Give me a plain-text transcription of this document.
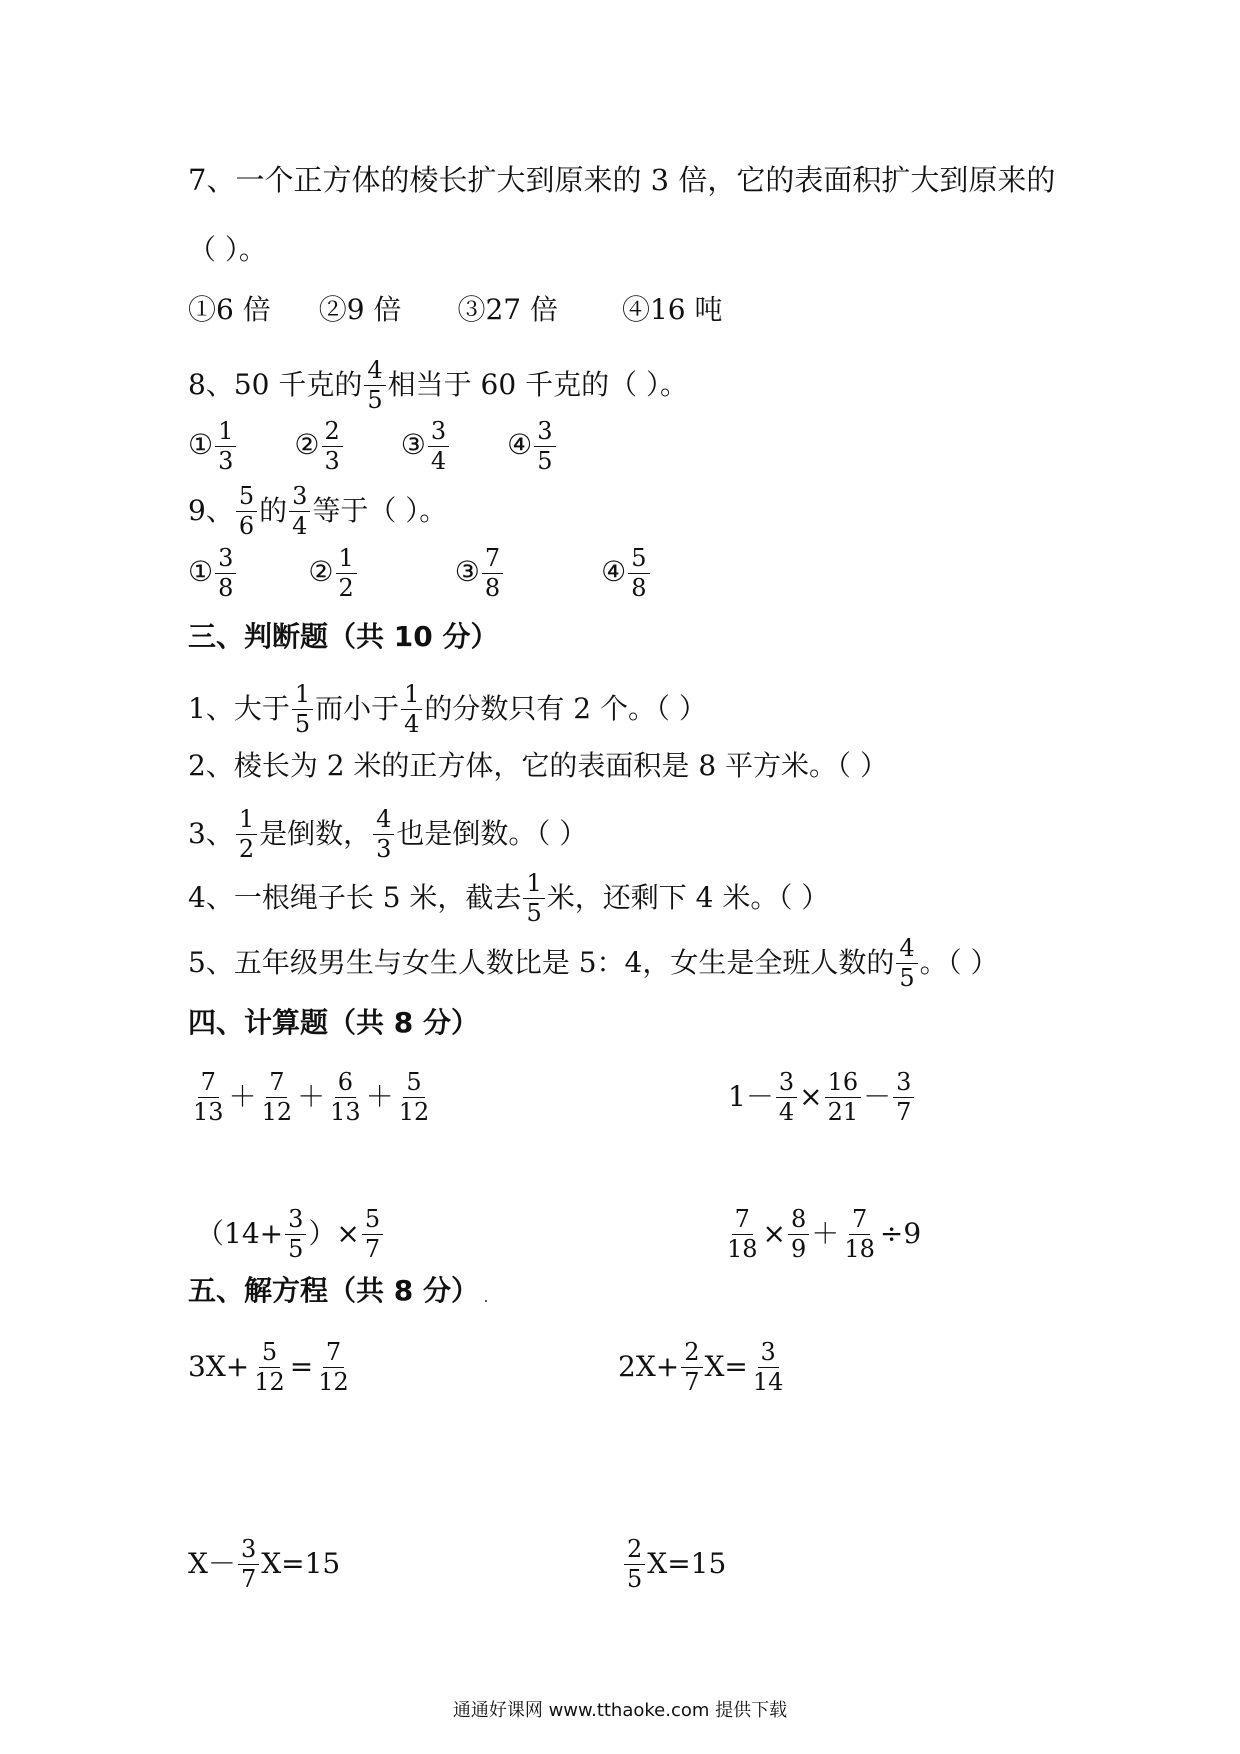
7、一个正方体的棱长扩大到原来的 3 倍，它的表面积扩大到原来的
（ ）。
①6 倍 ②9 倍 ③27 倍 ④16 吨
8、50 千克的 $\frac{4}{5}$ 相当于 60 千克的（ ）。
① $\frac{1}{3}$ ② $\frac{2}{3}$ ③ $\frac{3}{4}$ ④ $\frac{3}{5}$
9、 $\frac{5}{6}$ 的 $\frac{3}{4}$ 等于（ ）。
① $\frac{3}{8}$	② $\frac{1}{2}$	③ $\frac{7}{8}$	④ $\frac{5}{8}$
三、判断题（共 10 分）
1、大于 $\frac{1}{5}$ 而小于 $\frac{1}{4}$ 的分数只有 2 个。（ ）
2、棱长为 2 米的正方体，它的表面积是 8 平方米。（ ）
3、 $\frac{1}{2}$ 是倒数， $\frac{4}{3}$ 也是倒数。（ ）
4、一根绳子长 5 米，截去 $\frac{1}{5}$ 米，还剩下 4 米。（ ）
5、五年级男生与女生人数比是 5：4，女生是全班人数的 $\frac{4}{5}$ 。（ ）
四、计算题（共 8 分）
$\frac{7}{13} + \frac{7}{12} + \frac{6}{13} + \frac{5}{12}$	$1- \frac{3}{4} \times \frac{16}{21} - \frac{3}{7}$
（$14+ \frac{3}{5}$ ）× $\frac{5}{7}$	$\frac{7}{18} \times \frac{8}{9} + \frac{7}{18} \div 9$
五、解方程（共 8 分）
$3X+ \frac{5}{12} = \frac{7}{12}$	$2X+ \frac{2}{7} X= \frac{3}{14}$
$X- \frac{3}{7} X=15$	$\frac{2}{5} X=15$
通通好课网 www.tthaoke.com 提供下载
